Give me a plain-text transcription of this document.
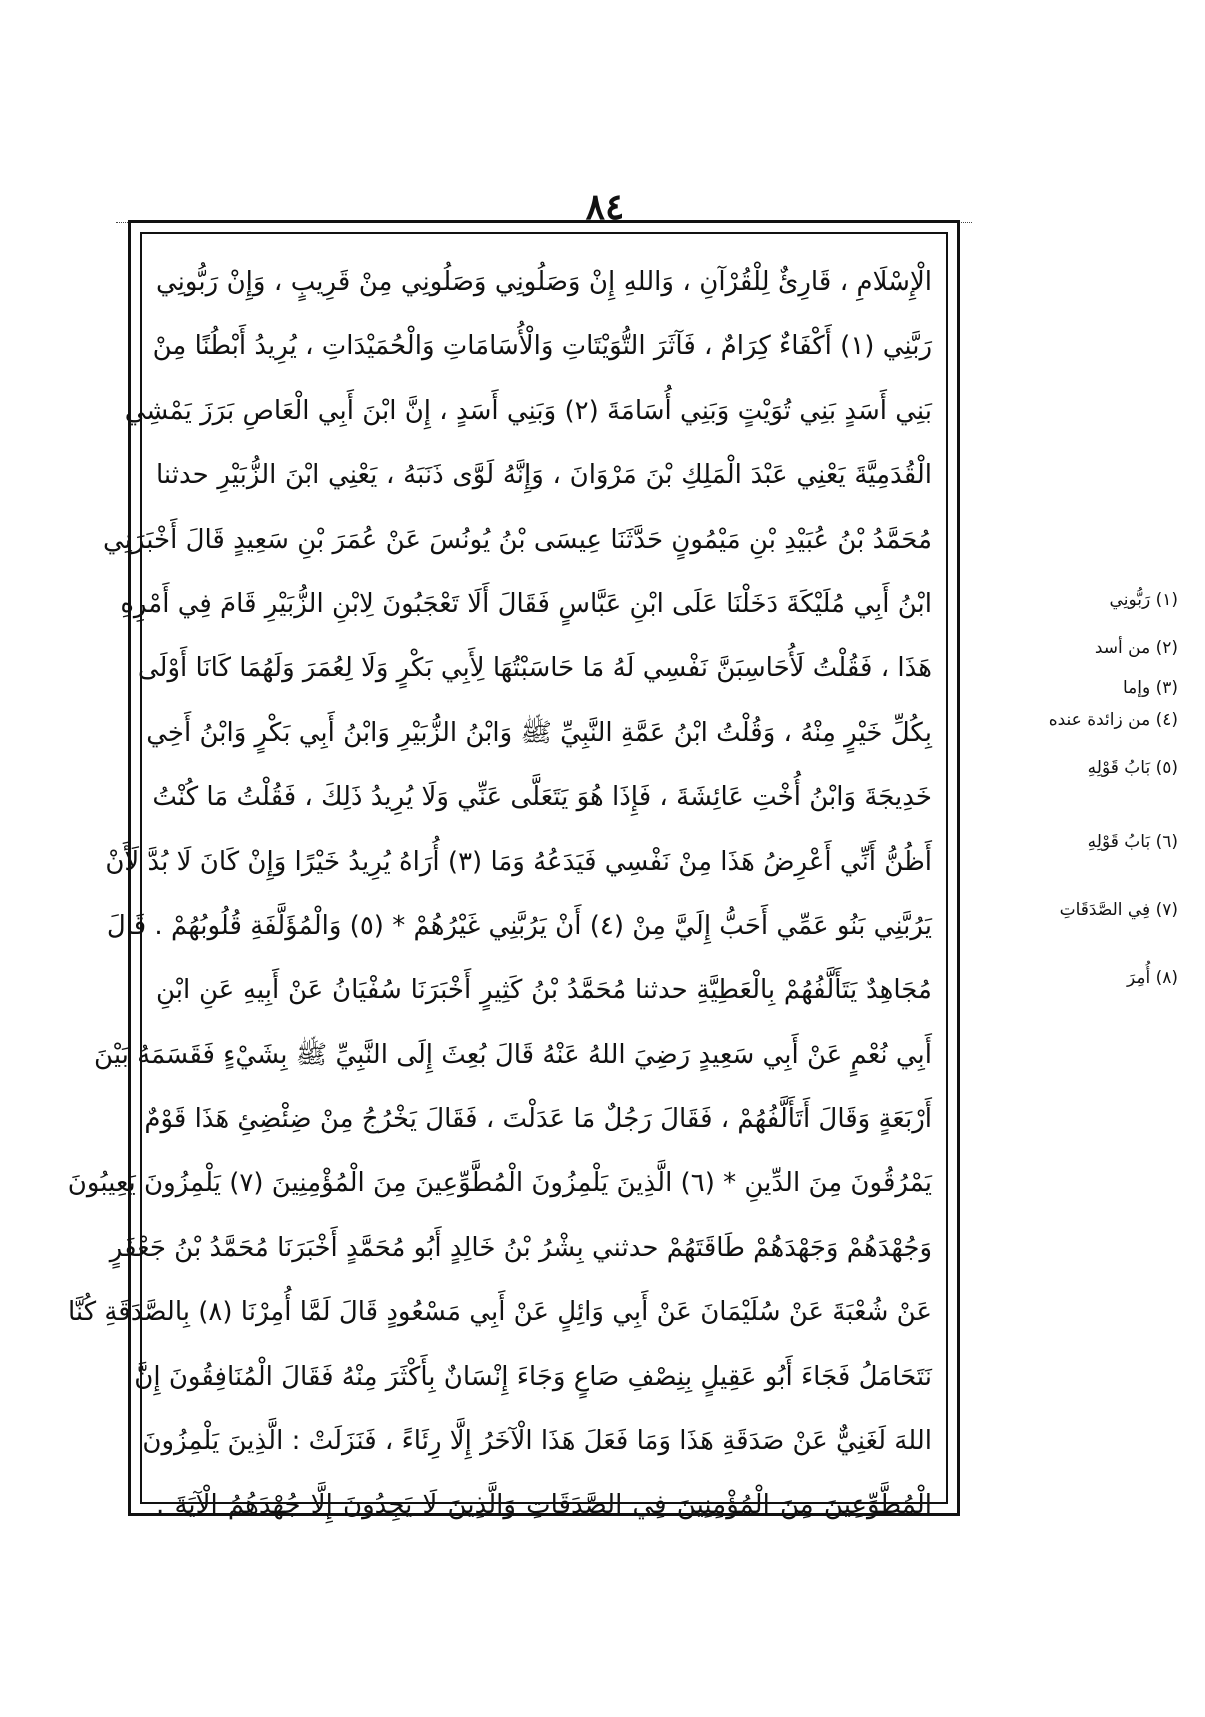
٨٤
الْإِسْلَامِ ، قَارِئٌ لِلْقُرْآنِ ، وَاللهِ إِنْ وَصَلُونِي وَصَلُونِي مِنْ قَرِيبٍ ، وَإِنْ رَبُّونِي
رَبَّنِي (١) أَكْفَاءٌ كِرَامٌ ، فَآثَرَ التُّوَيْتَاتِ وَالْأُسَامَاتِ وَالْحُمَيْدَاتِ ، يُرِيدُ أَبْطُنًا مِنْ
بَنِي أَسَدٍ بَنِي تُوَيْتٍ وَبَنِي أُسَامَةَ (٢) وَبَنِي أَسَدٍ ، إِنَّ ابْنَ أَبِي الْعَاصِ بَرَزَ يَمْشِي
الْقُدَمِيَّةَ يَعْنِي عَبْدَ الْمَلِكِ بْنَ مَرْوَانَ ، وَإِنَّهُ لَوَّى ذَنَبَهُ ، يَعْنِي ابْنَ الزُّبَيْرِ حدثنا
مُحَمَّدُ بْنُ عُبَيْدِ بْنِ مَيْمُونٍ حَدَّثَنَا عِيسَى بْنُ يُونُسَ عَنْ عُمَرَ بْنِ سَعِيدٍ قَالَ أَخْبَرَنِي
ابْنُ أَبِي مُلَيْكَةَ دَخَلْنَا عَلَى ابْنِ عَبَّاسٍ فَقَالَ أَلَا تَعْجَبُونَ لِابْنِ الزُّبَيْرِ قَامَ فِي أَمْرِهِ
هَذَا ، فَقُلْتُ لَأُحَاسِبَنَّ نَفْسِي لَهُ مَا حَاسَبْتُهَا لِأَبِي بَكْرٍ وَلَا لِعُمَرَ وَلَهُمَا كَانَا أَوْلَى
بِكُلِّ خَيْرٍ مِنْهُ ، وَقُلْتُ ابْنُ عَمَّةِ النَّبِيِّ ﷺ وَابْنُ الزُّبَيْرِ وَابْنُ أَبِي بَكْرٍ وَابْنُ أَخِي
خَدِيجَةَ وَابْنُ أُخْتِ عَائِشَةَ ، فَإِذَا هُوَ يَتَعَلَّى عَنِّي وَلَا يُرِيدُ ذَلِكَ ، فَقُلْتُ مَا كُنْتُ
أَظُنُّ أَنِّي أَعْرِضُ هَذَا مِنْ نَفْسِي فَيَدَعُهُ وَمَا (٣) أُرَاهُ يُرِيدُ خَيْرًا وَإِنْ كَانَ لَا بُدَّ لَأَنْ
يَرُبَّنِي بَنُو عَمِّي أَحَبُّ إِلَيَّ مِنْ (٤) أَنْ يَرُبَّنِي غَيْرُهُمْ * (٥) وَالْمُؤَلَّفَةِ قُلُوبُهُمْ . قَالَ
مُجَاهِدٌ يَتَأَلَّفُهُمْ بِالْعَطِيَّةِ حدثنا مُحَمَّدُ بْنُ كَثِيرٍ أَخْبَرَنَا سُفْيَانُ عَنْ أَبِيهِ عَنِ ابْنِ
أَبِي نُعْمٍ عَنْ أَبِي سَعِيدٍ رَضِيَ اللهُ عَنْهُ قَالَ بُعِثَ إِلَى النَّبِيِّ ﷺ بِشَيْءٍ فَقَسَمَهُ بَيْنَ
أَرْبَعَةٍ وَقَالَ أَتَأَلَّفُهُمْ ، فَقَالَ رَجُلٌ مَا عَدَلْتَ ، فَقَالَ يَخْرُجُ مِنْ ضِئْضِئِ هَذَا قَوْمٌ
يَمْرُقُونَ مِنَ الدِّينِ * (٦) الَّذِينَ يَلْمِزُونَ الْمُطَّوِّعِينَ مِنَ الْمُؤْمِنِينَ (٧) يَلْمِزُونَ يَعِيبُونَ
وَجُهْدَهُمْ وَجَهْدَهُمْ طَاقَتَهُمْ حدثني بِشْرُ بْنُ خَالِدٍ أَبُو مُحَمَّدٍ أَخْبَرَنَا مُحَمَّدُ بْنُ جَعْفَرٍ
عَنْ شُعْبَةَ عَنْ سُلَيْمَانَ عَنْ أَبِي وَائِلٍ عَنْ أَبِي مَسْعُودٍ قَالَ لَمَّا أُمِرْنَا (٨) بِالصَّدَقَةِ كُنَّا
نَتَحَامَلُ فَجَاءَ أَبُو عَقِيلٍ بِنِصْفِ صَاعٍ وَجَاءَ إِنْسَانٌ بِأَكْثَرَ مِنْهُ فَقَالَ الْمُنَافِقُونَ إِنَّ
اللهَ لَغَنِيٌّ عَنْ صَدَقَةِ هَذَا وَمَا فَعَلَ هَذَا الْآخَرُ إِلَّا رِئَاءً ، فَنَزَلَتْ : الَّذِينَ يَلْمِزُونَ
الْمُطَّوِّعِينَ مِنَ الْمُؤْمِنِينَ فِي الصَّدَقَاتِ وَالَّذِينَ لَا يَجِدُونَ إِلَّا جُهْدَهُمُ الْآيَةَ .
(١) رَبُّونِي
(٢) من أسد
(٣) وإما
(٤) من زائدة عنده
(٥) بَابُ قَوْلِهِ
(٦) بَابُ قَوْلِهِ
(٧) فِي الصَّدَقَاتِ
(٨) أُمِرَ
